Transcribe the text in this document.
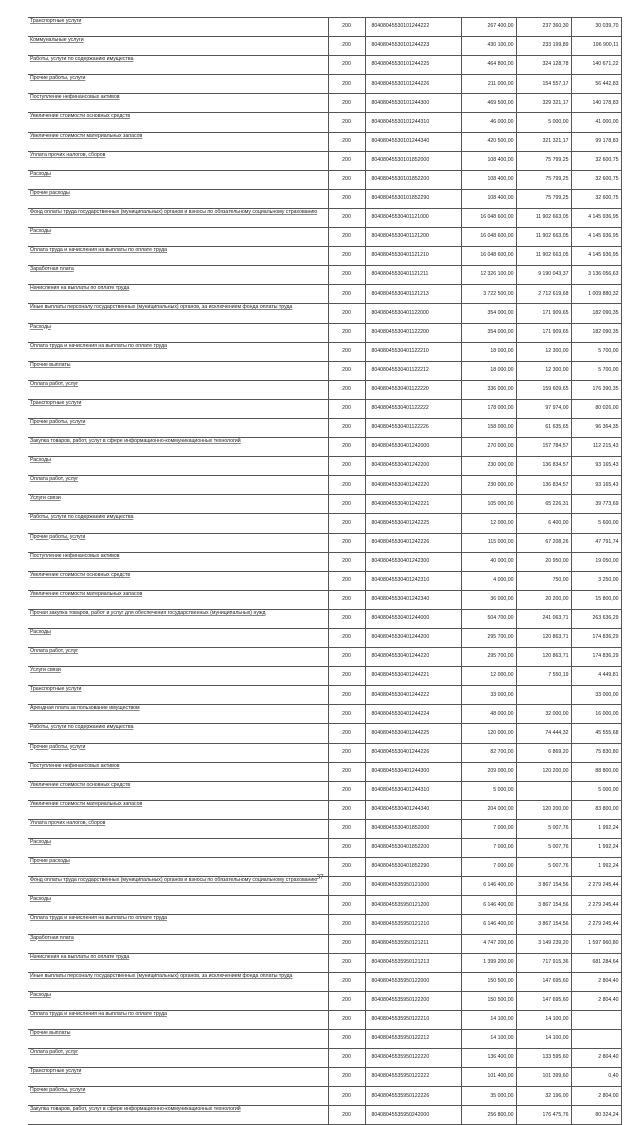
Транспортные услуги	200	80408045530101244222	267 400,00	237 360,30	30 039,70
Коммунальные услуги	200	80408045530101244223	430 100,00	233 199,89	196 900,11
Работы, услуги по содержанию имущества	200	80408045530101244225	464 800,00	324 128,78	140 671,22
Прочие работы, услуги	200	80408045530101244226	211 000,00	154 557,17	56 442,83
Поступление нефинансовых активов	200	80408045530101244300	469 500,00	329 321,17	140 178,83
Увеличение стоимости основных средств	200	80408045530101244310	46 000,00	5 000,00	41 000,00
Увеличение стоимости материальных запасов	200	80408045530101244340	420 500,00	321 321,17	99 178,83
Уплата прочих налогов, сборов	200	80408045530101852000	108 400,00	75 799,25	32 600,75
Расходы	200	80408045530101852200	108 400,00	75 799,25	32 600,75
Прочие расходы	200	80408045530101852290	108 400,00	75 799,25	32 600,75
Фонд оплаты труда государственных (муниципальных) органов и взносы по обязательному социальному страхованию	200	80408045530401121000	16 048 600,00	11 902 663,05	4 145 936,95
Расходы	200	80408045530401121200	16 048 600,00	11 902 663,05	4 145 936,95
Оплата труда и начисления на выплаты по оплате труда	200	80408045530401121210	16 048 600,00	11 902 663,05	4 145 936,95
Заработная плата	200	80408045530401121211	12 326 100,00	9 190 043,37	3 136 056,63
Начисления на выплаты по оплате труда	200	80408045530401121213	3 722 500,00	2 712 619,68	1 009 880,32
Иные выплаты персоналу государственных (муниципальных) органов, за исключением фонда оплаты труда	200	80408045530401122000	354 000,00	171 909,65	182 090,35
Расходы	200	80408045530401122200	354 000,00	171 909,65	182 090,35
Оплата труда и начисления на выплаты по оплате труда	200	80408045530401122210	18 000,00	12 300,00	5 700,00
Прочие выплаты	200	80408045530401122212	18 000,00	12 300,00	5 700,00
Оплата работ, услуг	200	80408045530401122220	336 000,00	159 609,65	176 390,35
Транспортные услуги	200	80408045530401122222	178 000,00	97 974,00	80 026,00
Прочие работы, услуги	200	80408045530401122226	158 000,00	61 635,65	96 364,35
Закупка товаров, работ, услуг в сфере информационно-коммуникационных технологий	200	80408045530401242000	270 000,00	157 784,57	112 215,43
Расходы	200	80408045530401242200	230 000,00	136 834,57	93 165,43
Оплата работ, услуг	200	80408045530401242220	230 000,00	136 834,57	93 165,43
Услуги связи	200	80408045530401242221	105 000,00	65 226,31	39 773,69
Работы, услуги по содержанию имущества	200	80408045530401242225	12 000,00	6 400,00	5 600,00
Прочие работы, услуги	200	80408045530401242226	115 000,00	67 208,26	47 791,74
Поступление нефинансовых активов	200	80408045530401242300	40 000,00	20 950,00	19 050,00
Увеличение стоимости основных средств	200	80408045530401242310	4 000,00	750,00	3 250,00
Увеличение стоимости материальных запасов	200	80408045530401242340	36 000,00	20 200,00	15 800,00
Прочая закупка товаров, работ и услуг для обеспечения государственных (муниципальных) нужд	200	80408045530401244000	504 700,00	241 063,71	263 636,29
Расходы	200	80408045530401244200	295 700,00	120 863,71	174 836,29
Оплата работ, услуг	200	80408045530401244220	295 700,00	120 863,71	174 836,29
Услуги связи	200	80408045530401244221	12 000,00	7 550,19	4 449,81
Транспортные услуги	200	80408045530401244222	33 000,00		33 000,00
Арендная плата за пользование имуществом	200	80408045530401244224	48 000,00	32 000,00	16 000,00
Работы, услуги по содержанию имущества	200	80408045530401244225	120 000,00	74 444,32	45 555,68
Прочие работы, услуги	200	80408045530401244226	82 700,00	6 869,20	75 830,80
Поступление нефинансовых активов	200	80408045530401244300	209 000,00	120 200,00	88 800,00
Увеличение стоимости основных средств	200	80408045530401244310	5 000,00		5 000,00
Увеличение стоимости материальных запасов	200	80408045530401244340	204 000,00	120 200,00	83 800,00
Уплата прочих налогов, сборов	200	80408045530401852000	7 000,00	5 007,76	1 992,24
Расходы	200	80408045530401852200	7 000,00	5 007,76	1 992,24
Прочие расходы	200	80408045530401852290	7 000,00	5 007,76	1 992,24
Фонд оплаты труда государственных (муниципальных) органов и взносы по обязательному социальному страхованию	200	80408045535950121000	6 146 400,00	3 867 154,56	2 279 245,44
Расходы	200	80408045535950121200	6 146 400,00	3 867 154,56	2 279 245,44
Оплата труда и начисления на выплаты по оплате труда	200	80408045535950121210	6 146 400,00	3 867 154,56	2 279 245,44
Заработная плата	200	80408045535950121211	4 747 200,00	3 149 239,20	1 597 960,80
Начисления на выплаты по оплате труда	200	80408045535950121213	1 399 200,00	717 915,36	681 284,64
Иные выплаты персоналу государственных (муниципальных) органов, за исключением фонда оплаты труда	200	80408045535950122000	150 500,00	147 695,60	2 804,40
Расходы	200	80408045535950122200	150 500,00	147 695,60	2 804,40
Оплата труда и начисления на выплаты по оплате труда	200	80408045535950122210	14 100,00	14 100,00	
Прочие выплаты	200	80408045535950122212	14 100,00	14 100,00	
Оплата работ, услуг	200	80408045535950122220	136 400,00	133 595,60	2 804,40
Транспортные услуги	200	80408045535950122222	101 400,00	101 399,60	0,40
Прочие работы, услуги	200	80408045535950122226	35 000,00	32 196,00	2 804,00
Закупка товаров, работ, услуг в сфере информационно-коммуникационных технологий	200	80408045535950242000	256 800,00	176 475,76	80 324,24
37
